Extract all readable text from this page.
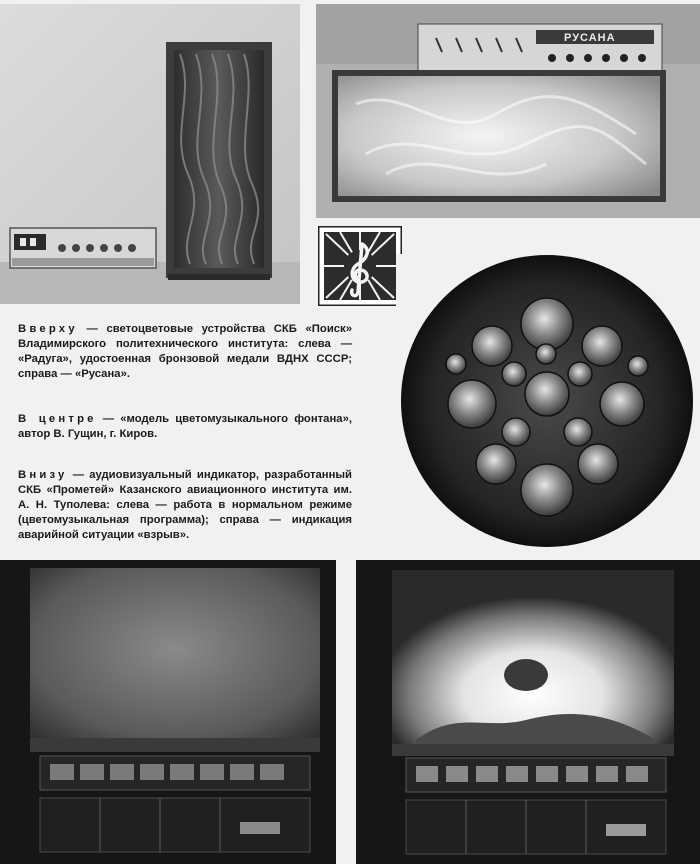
РУСАНА
Вверху — светоцветовые устройства СКБ «Поиск» Владимирского политехнического института: слева — «Радуга», удостоенная бронзовой медали ВДНХ СССР; справа — «Русана».
В центре — «модель цветомузыкального фонтана», автор В. Гущин, г. Киров.
Внизу — аудиовизуальный индикатор, разработанный СКБ «Прометей» Казанского авиационного института им. А. Н. Туполева: слева — работа в нормальном режиме (цветомузыкальная программа); справа — индикация аварийной ситуации «взрыв».
